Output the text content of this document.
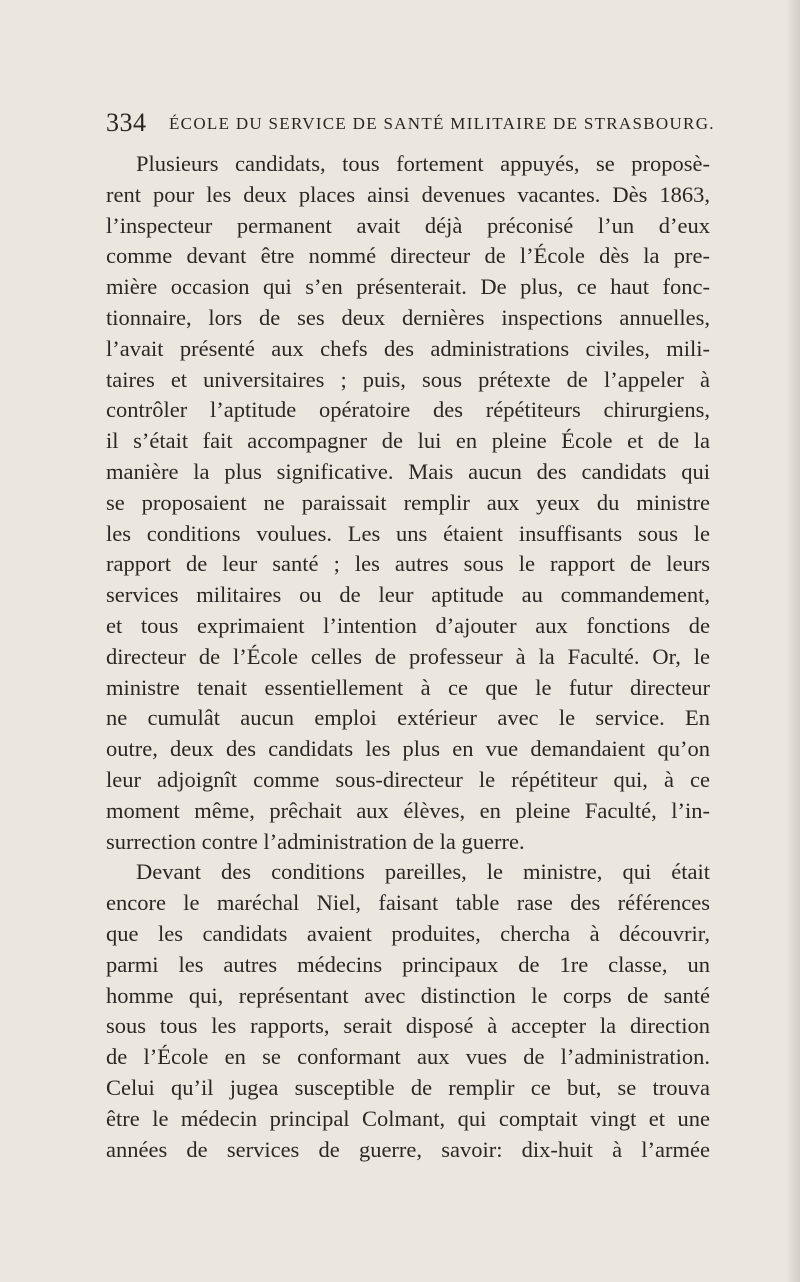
334 ÉCOLE DU SERVICE DE SANTÉ MILITAIRE DE STRASBOURG.
Plusieurs candidats, tous fortement appuyés, se proposè-
rent pour les deux places ainsi devenues vacantes. Dès 1863,
l’inspecteur permanent avait déjà préconisé l’un d’eux
comme devant être nommé directeur de l’École dès la pre-
mière occasion qui s’en présenterait. De plus, ce haut fonc-
tionnaire, lors de ses deux dernières inspections annuelles,
l’avait présenté aux chefs des administrations civiles, mili-
taires et universitaires ; puis, sous prétexte de l’appeler à
contrôler l’aptitude opératoire des répétiteurs chirurgiens,
il s’était fait accompagner de lui en pleine École et de la
manière la plus significative. Mais aucun des candidats qui
se proposaient ne paraissait remplir aux yeux du ministre
les conditions voulues. Les uns étaient insuffisants sous le
rapport de leur santé ; les autres sous le rapport de leurs
services militaires ou de leur aptitude au commandement,
et tous exprimaient l’intention d’ajouter aux fonctions de
directeur de l’École celles de professeur à la Faculté. Or, le
ministre tenait essentiellement à ce que le futur directeur
ne cumulât aucun emploi extérieur avec le service. En
outre, deux des candidats les plus en vue demandaient qu’on
leur adjoignît comme sous-directeur le répétiteur qui, à ce
moment même, prêchait aux élèves, en pleine Faculté, l’in-
surrection contre l’administration de la guerre.
Devant des conditions pareilles, le ministre, qui était
encore le maréchal Niel, faisant table rase des références
que les candidats avaient produites, chercha à découvrir,
parmi les autres médecins principaux de 1re classe, un
homme qui, représentant avec distinction le corps de santé
sous tous les rapports, serait disposé à accepter la direction
de l’École en se conformant aux vues de l’administration.
Celui qu’il jugea susceptible de remplir ce but, se trouva
être le médecin principal Colmant, qui comptait vingt et une
années de services de guerre, savoir: dix-huit à l’armée
